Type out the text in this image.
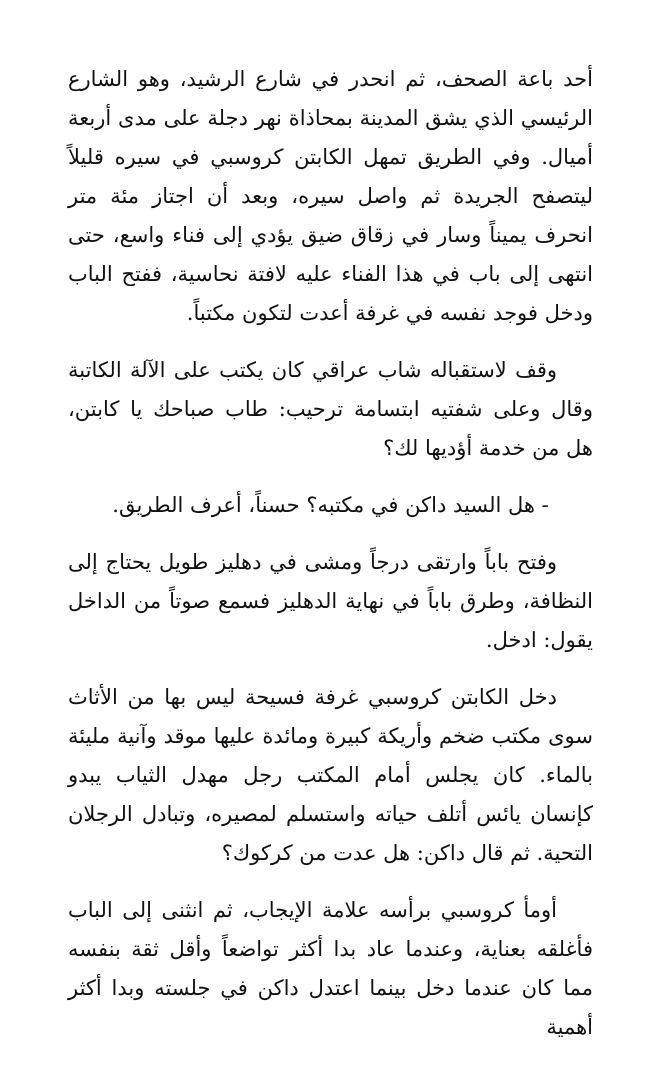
أحد باعة الصحف، ثم انحدر في شارع الرشيد، وهو الشارع الرئيسي الذي يشق المدينة بمحاذاة نهر دجلة على مدى أربعة أميال. وفي الطريق تمهل الكابتن كروسبي في سيره قليلاً ليتصفح الجريدة ثم واصل سيره، وبعد أن اجتاز مئة متر انحرف يميناً وسار في زقاق ضيق يؤدي إلى فناء واسع، حتى انتهى إلى باب في هذا الفناء عليه لافتة نحاسية، ففتح الباب ودخل فوجد نفسه في غرفة أعدت لتكون مكتباً.

وقف لاستقباله شاب عراقي كان يكتب على الآلة الكاتبة وقال وعلى شفتيه ابتسامة ترحيب: طاب صباحك يا كابتن، هل من خدمة أؤديها لك؟

- هل السيد داكن في مكتبه؟ حسناً، أعرف الطريق.

وفتح باباً وارتقى درجاً ومشى في دهليز طويل يحتاج إلى النظافة، وطرق باباً في نهاية الدهليز فسمع صوتاً من الداخل يقول: ادخل.

دخل الكابتن كروسبي غرفة فسيحة ليس بها من الأثاث سوى مكتب ضخم وأريكة كبيرة ومائدة عليها موقد وآنية مليئة بالماء. كان يجلس أمام المكتب رجل مهدل الثياب يبدو كإنسان يائس أتلف حياته واستسلم لمصيره، وتبادل الرجلان التحية. ثم قال داكن: هل عدت من كركوك؟

أومأ كروسبي برأسه علامة الإيجاب، ثم انثنى إلى الباب فأغلقه بعناية، وعندما عاد بدا أكثر تواضعاً وأقل ثقة بنفسه مما كان عندما دخل بينما اعتدل داكن في جلسته وبدا أكثر أهمية
